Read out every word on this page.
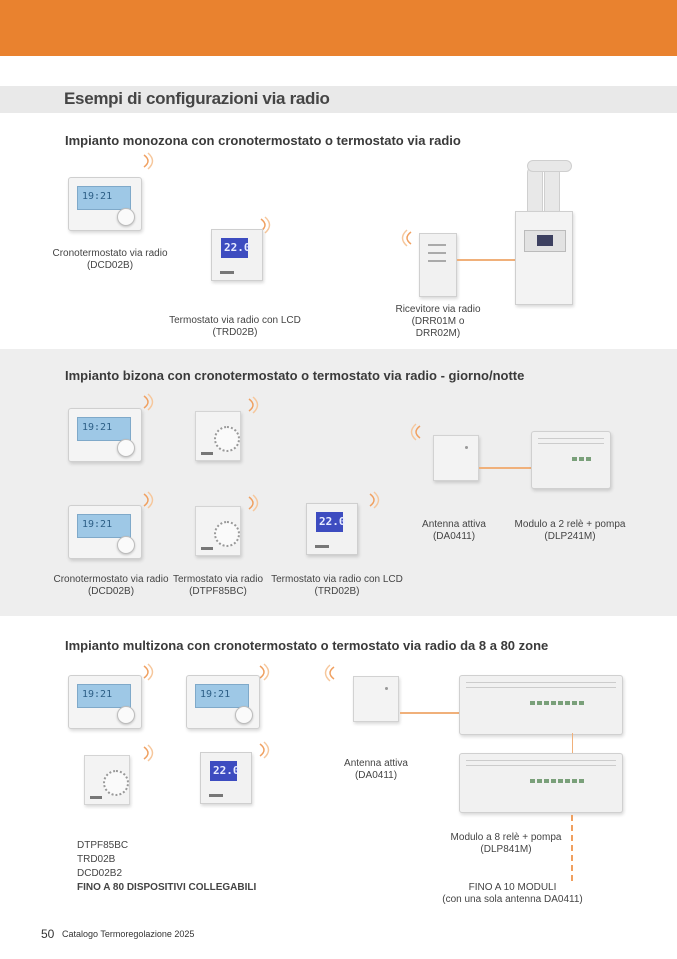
Esempi di configurazioni via radio
Impianto monozona con cronotermostato o termostato via radio
19:21
Cronotermostato via radio
(DCD02B)
22.0
Termostato via radio con LCD
(TRD02B)
Ricevitore via radio
(DRR01M o
DRR02M)
Impianto bizona con cronotermostato o termostato via radio - giorno/notte
19:21
19:21	22.0
Cronotermostato via radio
(DCD02B)
Termostato via radio
(DTPF85BC)
Termostato via radio con LCD
(TRD02B)
Antenna attiva
(DA0411)
Modulo a 2 relè + pompa
(DLP241M)
Impianto multizona con cronotermostato o termostato via radio da 8 a 80 zone
19:21	19:21
22.0
DTPF85BC
TRD02B
DCD02B2
FINO A 80 DISPOSITIVI COLLEGABILI
Antenna attiva
(DA0411)
Modulo a 8 relè + pompa
(DLP841M)
FINO A 10 MODULI
(con una sola antenna DA0411)
50 Catalogo Termoregolazione 2025
